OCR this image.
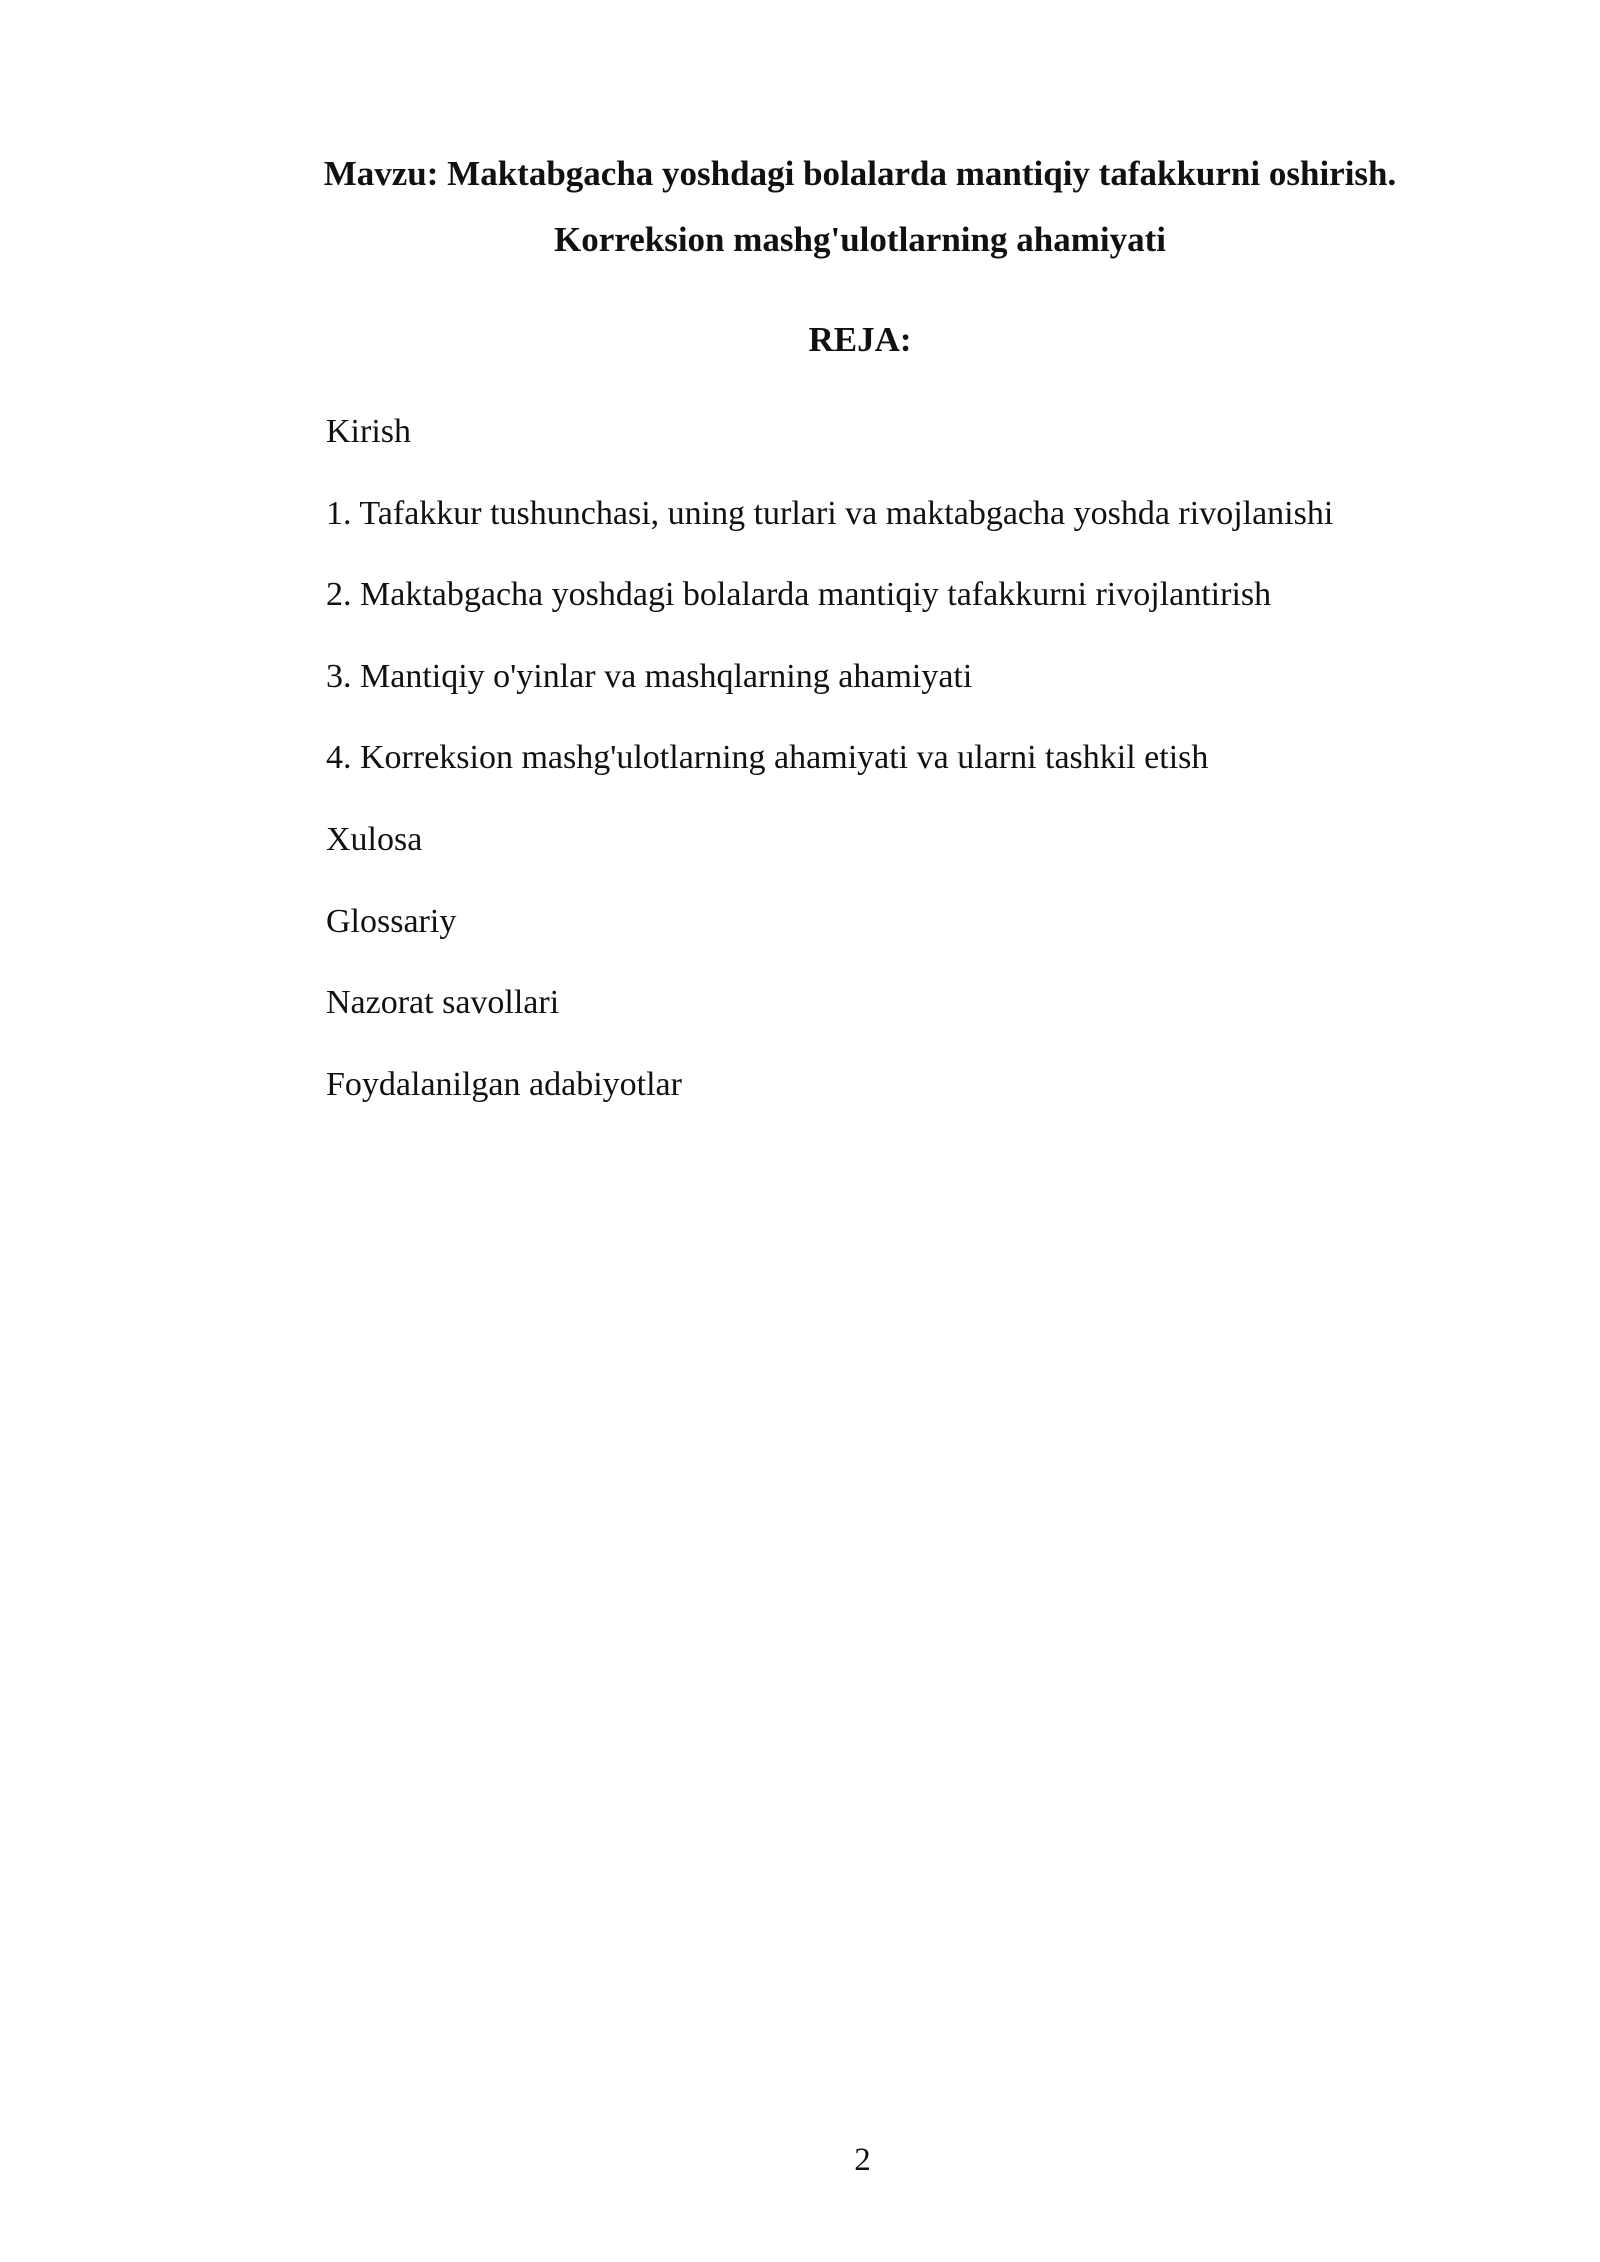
Mavzu: Maktabgacha yoshdagi bolalarda mantiqiy tafakkurni oshirish.
Korreksion mashg'ulotlarning ahamiyati
REJA:
Kirish
1. Tafakkur tushunchasi, uning turlari va maktabgacha yoshda rivojlanishi
2. Maktabgacha yoshdagi bolalarda mantiqiy tafakkurni rivojlantirish
3. Mantiqiy o'yinlar va mashqlarning ahamiyati
4. Korreksion mashg'ulotlarning ahamiyati va ularni tashkil etish
Xulosa
Glossariy
Nazorat savollari
Foydalanilgan adabiyotlar
2
